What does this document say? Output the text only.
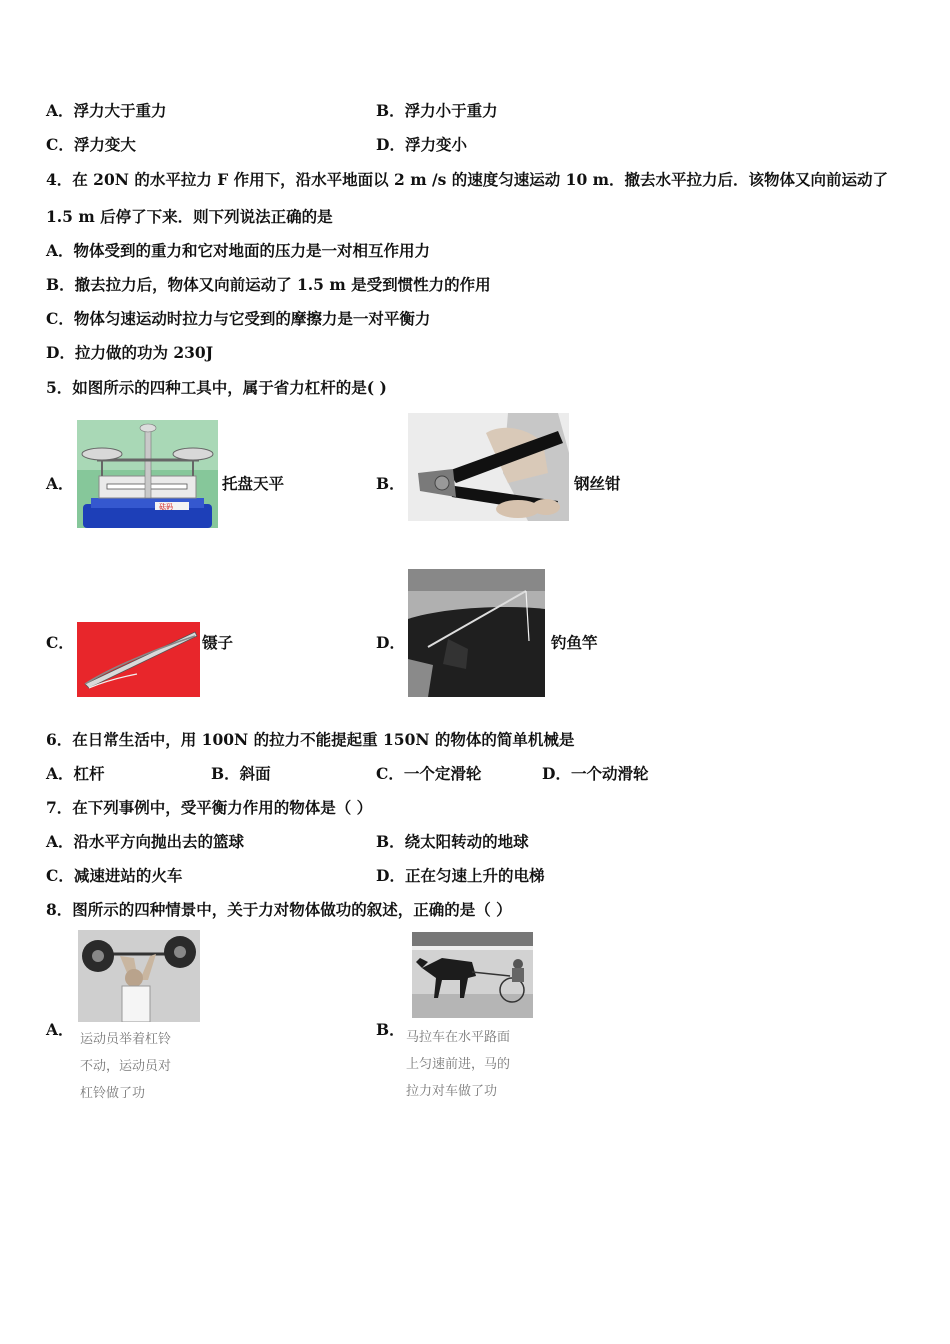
A．浮力大于重力	B．浮力小于重力
C．浮力变大	D．浮力变小
4．在 20N 的水平拉力 F 作用下，沿水平地面以 2 m /s 的速度匀速运动 10 m．撤去水平拉力后．该物体又向前运动了
1.5 m 后停了下来．则下列说法正确的是
A．物体受到的重力和它对地面的压力是一对相互作用力
B．撤去拉力后，物体又向前运动了 1.5 m 是受到惯性力的作用
C．物体匀速运动时拉力与它受到的摩擦力是一对平衡力
D．拉力做的功为 230J
5．如图所示的四种工具中，属于省力杠杆的是( )
A．
砝码
托盘天平	B．	钢丝钳
C．	镊子	D．	钓鱼竿
6．在日常生活中，用 100N 的拉力不能提起重 150N 的物体的简单机械是
A．杠杆	B．斜面	C．一个定滑轮	D．一个动滑轮
7．在下列事例中，受平衡力作用的物体是（ ）
A．沿水平方向抛出去的篮球	B．绕太阳转动的地球
C．减速进站的火车	D．正在匀速上升的电梯
8．图所示的四种情景中，关于力对物体做功的叙述，正确的是（ ）
A．
运动员举着杠铃
不动，运动员对
杠铃做了功
B． 马拉车在水平路面
上匀速前进，马的
拉力对车做了功
